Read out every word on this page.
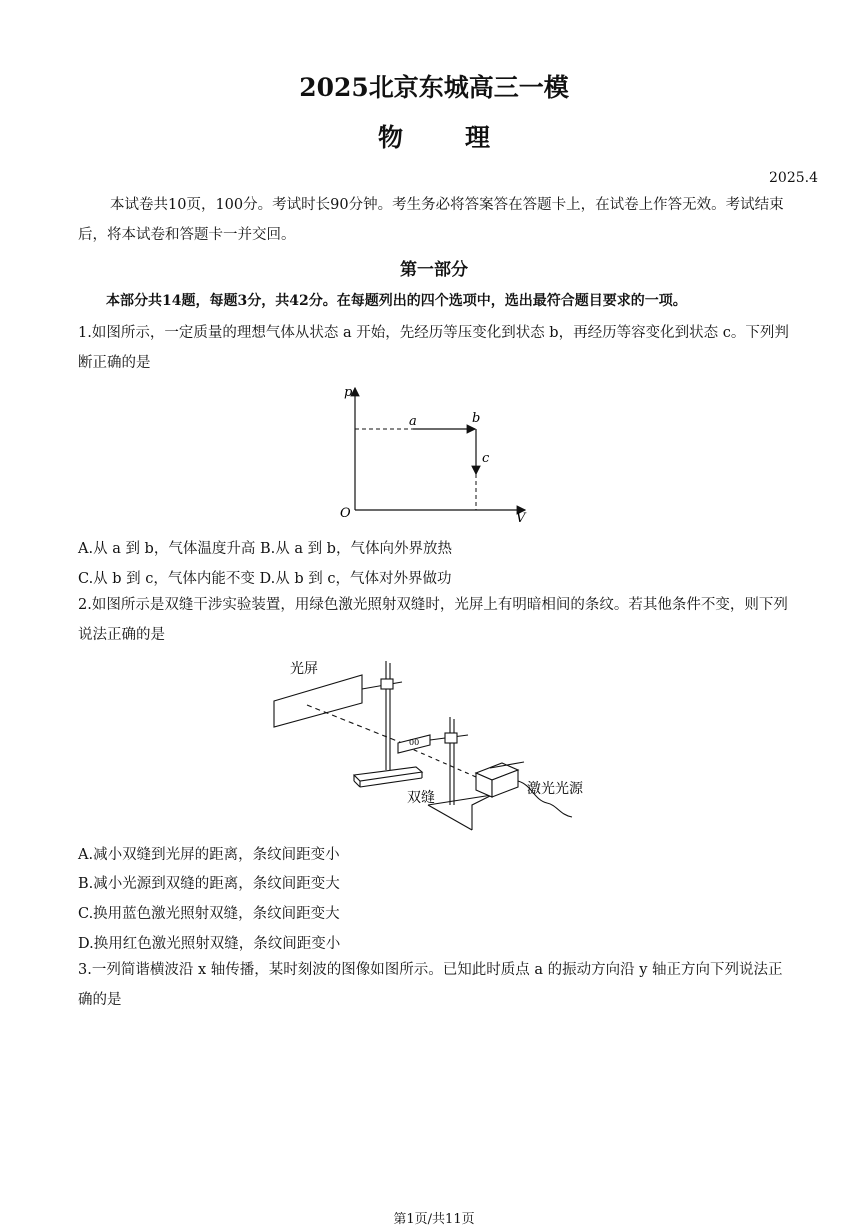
2025北京东城高三一模
物 理
2025.4
本试卷共10页，100分。考试时长90分钟。考生务必将答案答在答题卡上，在试卷上作答无效。考试结束后，将本试卷和答题卡一并交回。
第一部分
本部分共14题，每题3分，共42分。在每题列出的四个选项中，选出最符合题目要求的一项。
1.如图所示，一定质量的理想气体从状态 a 开始，先经历等压变化到状态 b，再经历等容变化到状态 c。下列判断正确的是
p
V
O
a	b
c
A.从 a 到 b，气体温度升高 B.从 a 到 b，气体向外界放热
C.从 b 到 c，气体内能不变 D.从 b 到 c，气体对外界做功
2.如图所示是双缝干涉实验装置，用绿色激光照射双缝时，光屏上有明暗相间的条纹。若其他条件不变，则下列说法正确的是
00
光屏
双缝
激光光源
A.减小双缝到光屏的距离，条纹间距变小
B.减小光源到双缝的距离，条纹间距变大
C.换用蓝色激光照射双缝，条纹间距变大
D.换用红色激光照射双缝，条纹间距变小
3.一列简谐横波沿 x 轴传播，某时刻波的图像如图所示。已知此时质点 a 的振动方向沿 y 轴正方向下列说法正确的是
第1页/共11页
